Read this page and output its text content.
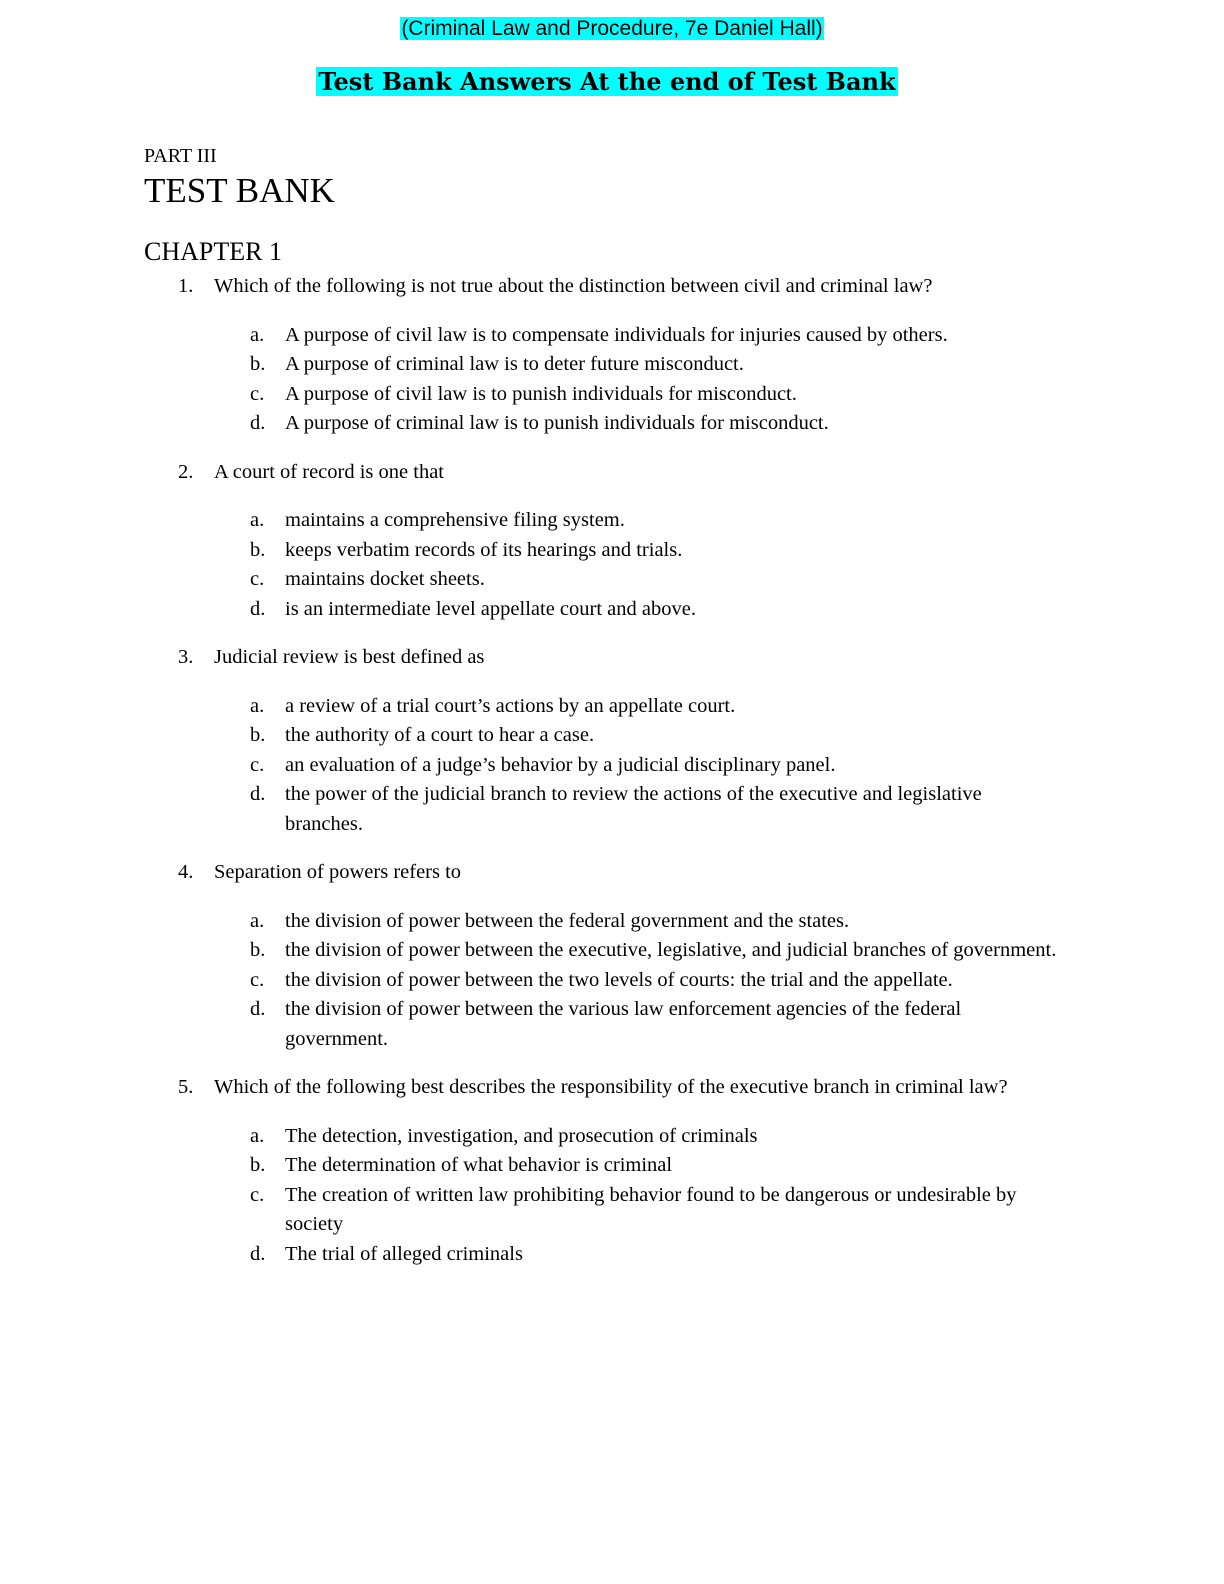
(Criminal Law and Procedure, 7e Daniel Hall)
Test Bank Answers At the end of Test Bank
PART III
TEST BANK
CHAPTER 1
1. Which of the following is not true about the distinction between civil and criminal law?
a. A purpose of civil law is to compensate individuals for injuries caused by others.
b. A purpose of criminal law is to deter future misconduct.
c. A purpose of civil law is to punish individuals for misconduct.
d. A purpose of criminal law is to punish individuals for misconduct.
2. A court of record is one that
a. maintains a comprehensive filing system.
b. keeps verbatim records of its hearings and trials.
c. maintains docket sheets.
d. is an intermediate level appellate court and above.
3. Judicial review is best defined as
a. a review of a trial court’s actions by an appellate court.
b. the authority of a court to hear a case.
c. an evaluation of a judge’s behavior by a judicial disciplinary panel.
d. the power of the judicial branch to review the actions of the executive and legislative branches.
4. Separation of powers refers to
a. the division of power between the federal government and the states.
b. the division of power between the executive, legislative, and judicial branches of government.
c. the division of power between the two levels of courts: the trial and the appellate.
d. the division of power between the various law enforcement agencies of the federal government.
5. Which of the following best describes the responsibility of the executive branch in criminal law?
a. The detection, investigation, and prosecution of criminals
b. The determination of what behavior is criminal
c. The creation of written law prohibiting behavior found to be dangerous or undesirable by society
d. The trial of alleged criminals
